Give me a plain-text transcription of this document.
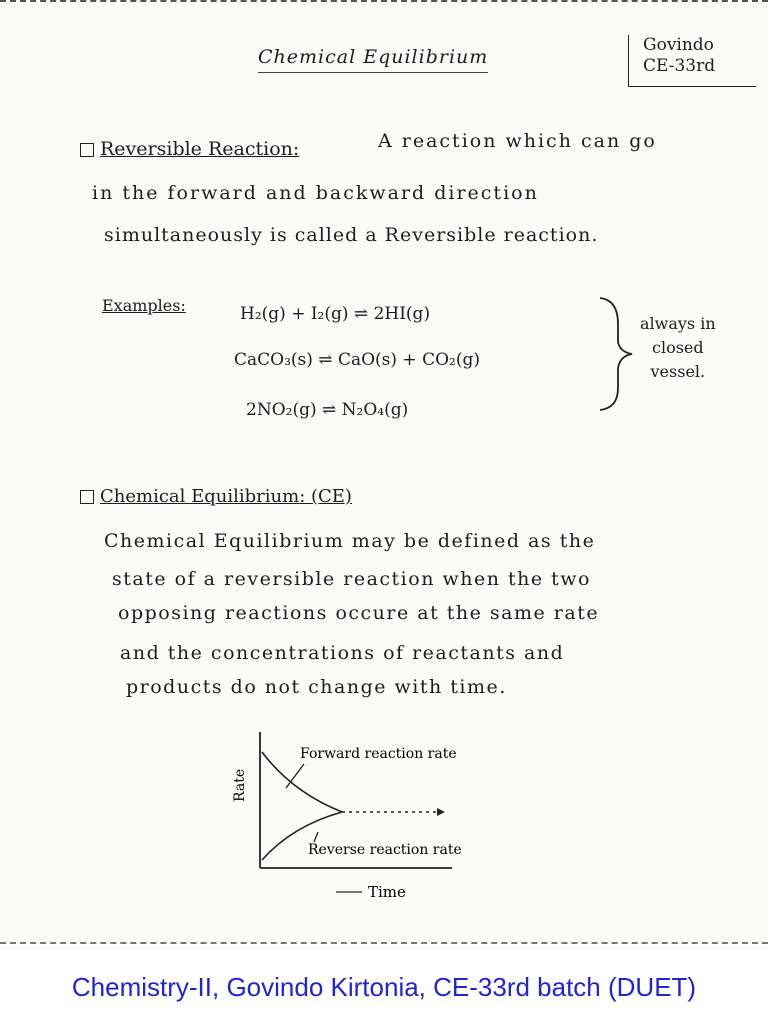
Chemical Equilibrium
Govindo
CE-33rd
Reversible Reaction:	A reaction which can go
in the forward and backward direction
simultaneously is called a Reversible reaction.
Examples:	H₂(g) + I₂(g) ⇌ 2HI(g)
CaCO₃(s) ⇌ CaO(s) + CO₂(g)
2NO₂(g) ⇌ N₂O₄(g)
always in
closed
vessel.
Chemical Equilibrium: (CE)
Chemical Equilibrium may be defined as the
state of a reversible reaction when the two
opposing reactions occure at the same rate
and the concentrations of reactants and
products do not change with time.
Forward reaction rate
Reverse reaction rate
Rate
Time
Chemistry-II, Govindo Kirtonia, CE-33rd batch (DUET)
